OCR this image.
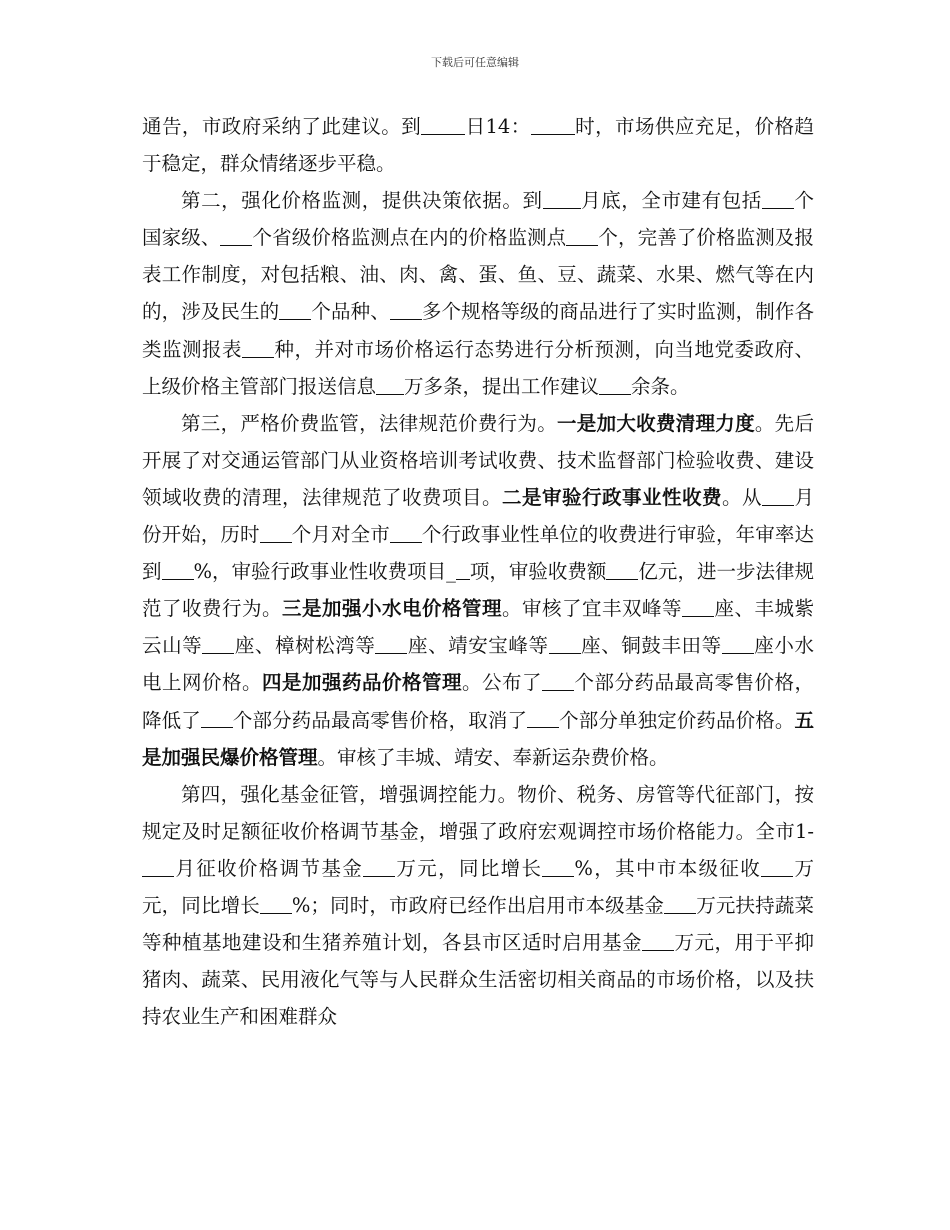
下载后可任意编辑

通告，市政府采纳了此建议。到 日14： 时，市场供应充足，价格趋于稳定，群众情绪逐步平稳。

第二，强化价格监测，提供决策依据。到 月底，全市建有包括 个国家级、 个省级价格监测点在内的价格监测点 个，完善了价格监测及报表工作制度，对包括粮、油、肉、禽、蛋、鱼、豆、蔬菜、水果、燃气等在内的，涉及民生的 个品种、 多个规格等级的商品进行了实时监测，制作各类监测报表 种，并对市场价格运行态势进行分析预测，向当地党委政府、上级价格主管部门报送信息 万多条，提出工作建议 余条。

第三，严格价费监管，法律规范价费行为。一是加大收费清理力度。先后开展了对交通运管部门从业资格培训考试收费、技术监督部门检验收费、建设领域收费的清理，法律规范了收费项目。二是审验行政事业性收费。从 月份开始，历时 个月对全市 个行政事业性单位的收费进行审验，年审率达到 %，审验行政事业性收费项目_ 项，审验收费额 亿元，进一步法律规范了收费行为。三是加强小水电价格管理。审核了宜丰双峰等 座、丰城紫云山等 座、樟树松湾等 座、靖安宝峰等 座、铜鼓丰田等 座小水电上网价格。四是加强药品价格管理。公布了 个部分药品最高零售价格，降低了 个部分药品最高零售价格，取消了 个部分单独定价药品价格。五是加强民爆价格管理。审核了丰城、靖安、奉新运杂费价格。

第四，强化基金征管，增强调控能力。物价、税务、房管等代征部门，按规定及时足额征收价格调节基金，增强了政府宏观调控市场价格能力。全市1-月征收价格调节基金 万元，同比增长 %，其中市本级征收 万元，同比增长 %；同时，市政府已经作出启用市本级基金 万元扶持蔬菜等种植基地建设和生猪养殖计划，各县市区适时启用基金 万元，用于平抑猪肉、蔬菜、民用液化气等与人民群众生活密切相关商品的市场价格，以及扶持农业生产和困难群众
